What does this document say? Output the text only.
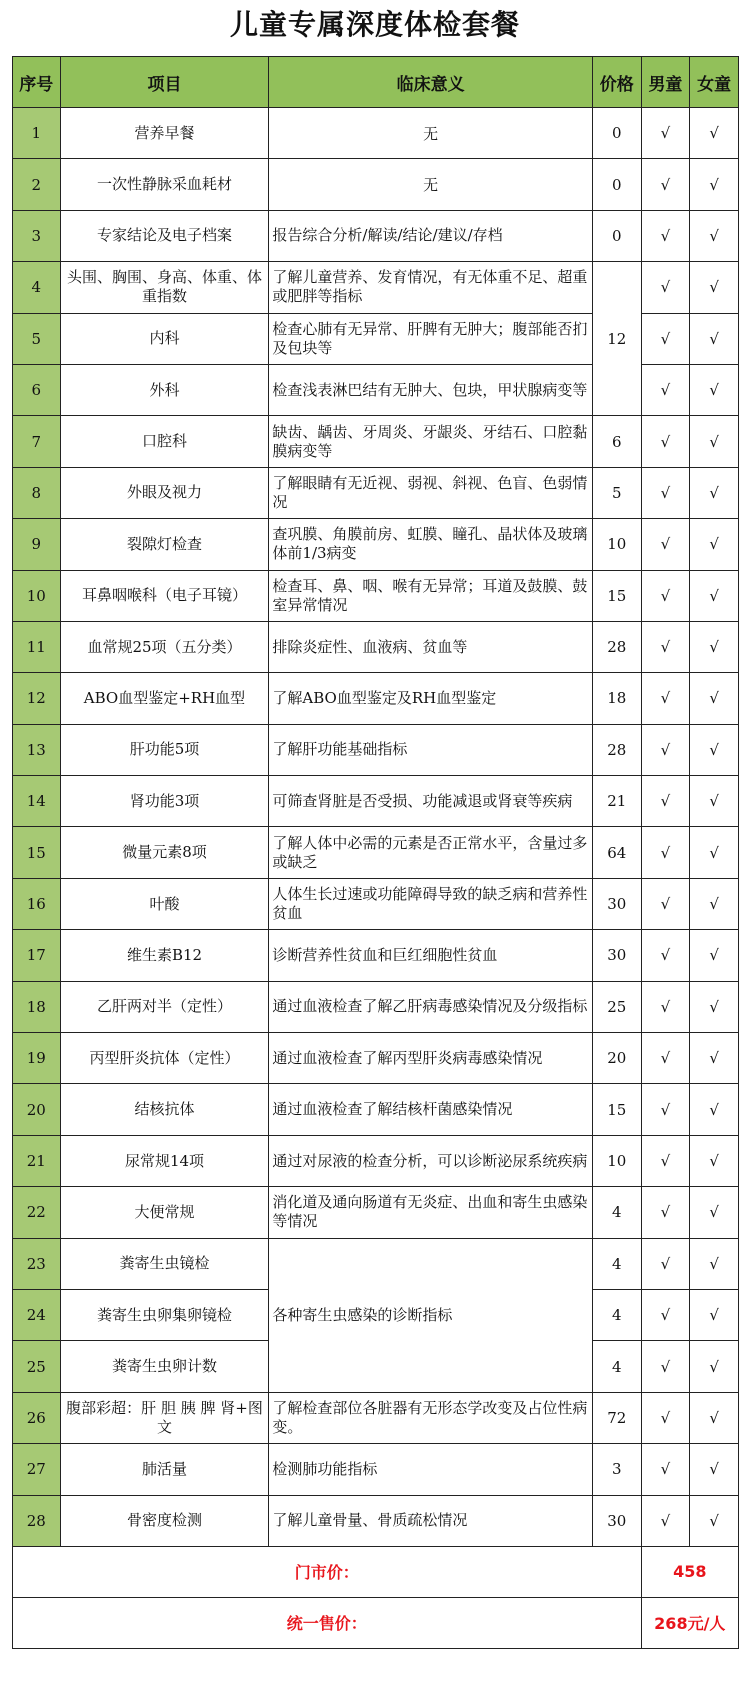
儿童专属深度体检套餐
序号	项目	临床意义	价格	男童	女童
1	营养早餐	无	0	√	√
2	一次性静脉采血耗材	无	0	√	√
3	专家结论及电子档案	报告综合分析/解读/结论/建议/存档	0	√	√
4	头围、胸围、身高、体重、体重指数	了解儿童营养、发育情况，有无体重不足、超重或肥胖等指标	12	√	√
5	内科	检查心肺有无异常、肝脾有无肿大；腹部能否扪及包块等		√	√
6	外科	检查浅表淋巴结有无肿大、包块，甲状腺病变等		√	√
7	口腔科	缺齿、龋齿、牙周炎、牙龈炎、牙结石、口腔黏膜病变等	6	√	√
8	外眼及视力	了解眼睛有无近视、弱视、斜视、色盲、色弱情况	5	√	√
9	裂隙灯检查	查巩膜、角膜前房、虹膜、瞳孔、晶状体及玻璃体前1/3病变	10	√	√
10	耳鼻咽喉科（电子耳镜）	检查耳、鼻、咽、喉有无异常；耳道及鼓膜、鼓室异常情况	15	√	√
11	血常规25项（五分类）	排除炎症性、血液病、贫血等	28	√	√
12	ABO血型鉴定+RH血型	了解ABO血型鉴定及RH血型鉴定	18	√	√
13	肝功能5项	了解肝功能基础指标	28	√	√
14	肾功能3项	可筛查肾脏是否受损、功能减退或肾衰等疾病	21	√	√
15	微量元素8项	了解人体中必需的元素是否正常水平，含量过多或缺乏	64	√	√
16	叶酸	人体生长过速或功能障碍导致的缺乏病和营养性贫血	30	√	√
17	维生素B12	诊断营养性贫血和巨红细胞性贫血	30	√	√
18	乙肝两对半（定性）	通过血液检查了解乙肝病毒感染情况及分级指标	25	√	√
19	丙型肝炎抗体（定性）	通过血液检查了解丙型肝炎病毒感染情况	20	√	√
20	结核抗体	通过血液检查了解结核杆菌感染情况	15	√	√
21	尿常规14项	通过对尿液的检查分析，可以诊断泌尿系统疾病	10	√	√
22	大便常规	消化道及通向肠道有无炎症、出血和寄生虫感染等情况	4	√	√
23	粪寄生虫镜检	各种寄生虫感染的诊断指标	4	√	√
24	粪寄生虫卵集卵镜检		4	√	√
25	粪寄生虫卵计数		4	√	√
26	腹部彩超：肝 胆 胰 脾 肾+图文	了解检查部位各脏器有无形态学改变及占位性病变。	72	√	√
27	肺活量	检测肺功能指标	3	√	√
28	骨密度检测	了解儿童骨量、骨质疏松情况	30	√	√
门市价：				458	
统一售价：				268元/人	
